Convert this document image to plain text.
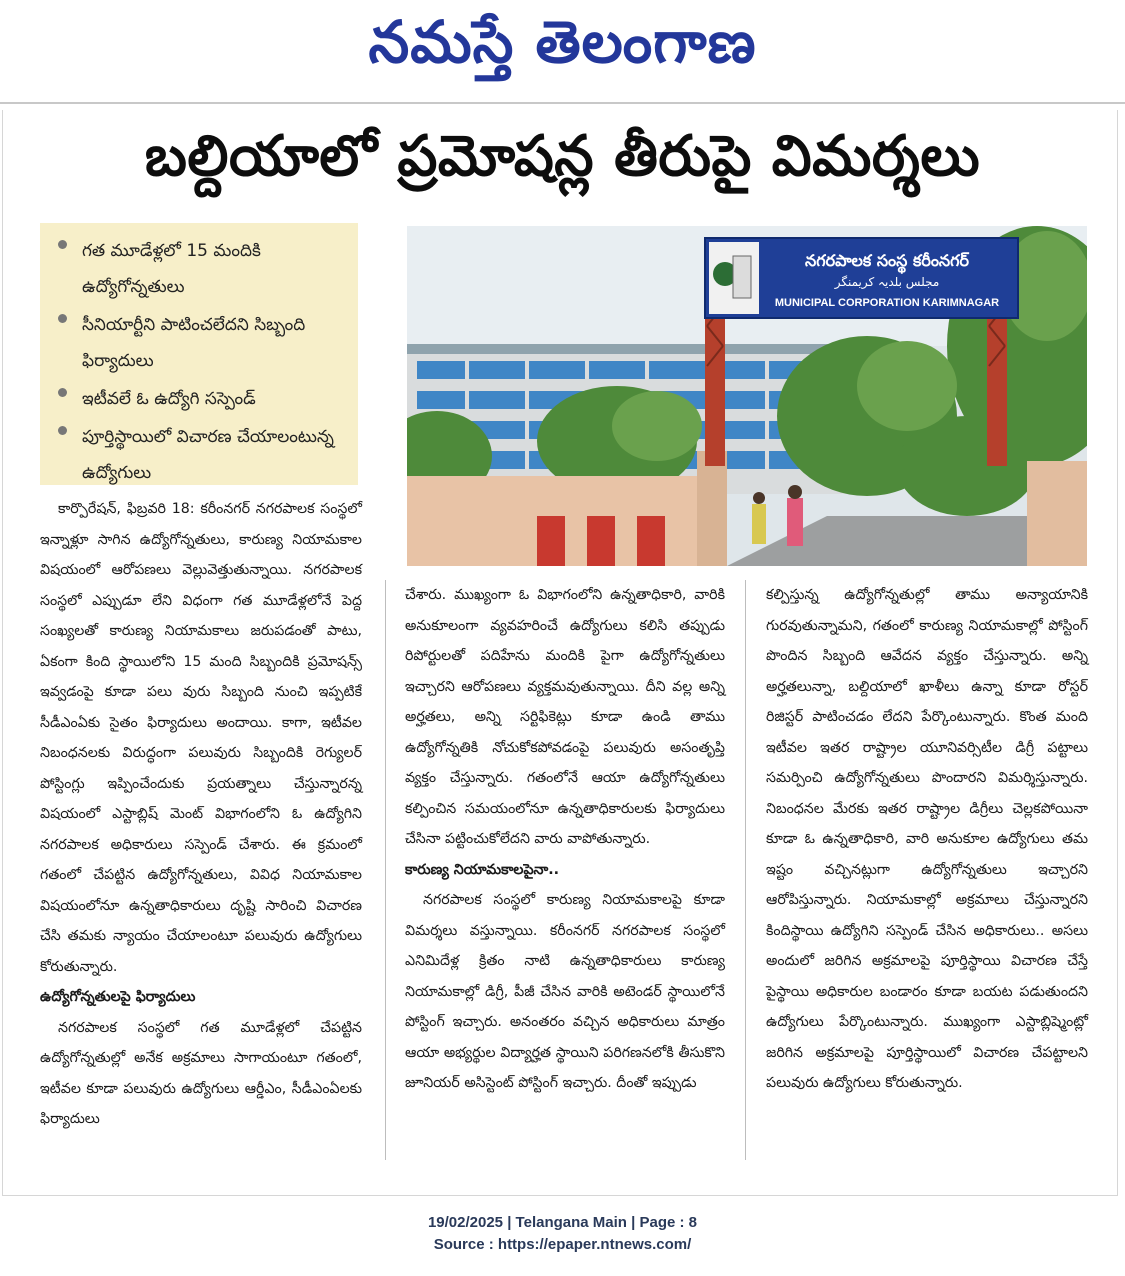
నమస్తే తెలంగాణ
బల్దియాలో ప్రమోషన్ల తీరుపై విమర్శలు
గత మూడేళ్లలో 15 మందికి ఉద్యోగోన్నతులు
సీనియార్టీని పాటించలేదని సిబ్బంది ఫిర్యాదులు
ఇటీవలే ఓ ఉద్యోగి సస్పెండ్
పూర్తిస్థాయిలో విచారణ చేయాలంటున్న ఉద్యోగులు
నగరపాలక సంస్థ కరీంనగర్
مجلس بلدیہ کریمنگر
MUNICIPAL CORPORATION KARIMNAGAR

కార్పొరేషన్, ఫిబ్రవరి 18: కరీంనగర్ నగరపాలక సంస్థలో ఇన్నాళ్లూ సాగిన ఉద్యోగోన్నతులు, కారుణ్య నియామకాల విషయంలో ఆరోపణలు వెల్లువెత్తుతున్నాయి. నగరపాలక సంస్థలో ఎప్పుడూ లేని విధంగా గత మూడేళ్లలోనే పెద్ద సంఖ్యలతో కారుణ్య నియామకాలు జరుపడంతో పాటు, ఏకంగా కింది స్థాయిలోని 15 మంది సిబ్బందికి ప్రమోషన్స్ ఇవ్వడంపై కూడా పలు వురు సిబ్బంది నుంచి ఇప్పటికే సీడీఎంఏకు సైతం ఫిర్యాదులు అందాయి. కాగా, ఇటీవల నిబంధనలకు విరుద్ధంగా పలువురు సిబ్బందికి రెగ్యులర్ పోస్టింగ్లు ఇప్పించేందుకు ప్రయత్నాలు చేస్తున్నారన్న విషయంలో ఎస్టాబ్లిష్ మెంట్ విభాగంలోని ఓ ఉద్యోగిని నగరపాలక అధికారులు సస్పెండ్ చేశారు. ఈ క్రమంలో గతంలో చేపట్టిన ఉద్యోగోన్నతులు, వివిధ నియామకాల విషయంలోనూ ఉన్నతాధికారులు దృష్టి సారించి విచారణ చేసి తమకు న్యాయం చేయాలంటూ పలువురు ఉద్యోగులు కోరుతున్నారు.

ఉద్యోగోన్నతులపై ఫిర్యాదులు

నగరపాలక సంస్థలో గత మూడేళ్లలో చేపట్టిన ఉద్యోగోన్నతుల్లో అనేక అక్రమాలు సాగాయంటూ గతంలో, ఇటీవల కూడా పలువురు ఉద్యోగులు ఆర్డీఎం, సీడీఎంఏలకు ఫిర్యాదులు

చేశారు. ముఖ్యంగా ఓ విభాగంలోని ఉన్నతాధికారి, వారికి అనుకూలంగా వ్యవహరించే ఉద్యోగులు కలిసి తప్పుడు రిపోర్టులతో పదిహేను మందికి పైగా ఉద్యోగోన్నతులు ఇచ్చారని ఆరోపణలు వ్యక్తమవుతున్నాయి. దీని వల్ల అన్ని అర్హతలు, అన్ని సర్టిఫికెట్లు కూడా ఉండి తాము ఉద్యోగోన్నతికి నోచుకోకపోవడంపై పలువురు అసంతృప్తి వ్యక్తం చేస్తున్నారు. గతంలోనే ఆయా ఉద్యోగోన్నతులు కల్పించిన సమయంలోనూ ఉన్నతాధికారులకు ఫిర్యాదులు చేసినా పట్టించుకోలేదని వారు వాపోతున్నారు.

కారుణ్య నియామకాలపైనా..

నగరపాలక సంస్థలో కారుణ్య నియామకాలపై కూడా విమర్శలు వస్తున్నాయి. కరీంనగర్ నగరపాలక సంస్థలో ఎనిమిదేళ్ల క్రితం నాటి ఉన్నతాధికారులు కారుణ్య నియామకాల్లో డిగ్రీ, పీజీ చేసిన వారికి అటెండర్ స్థాయిలోనే పోస్టింగ్ ఇచ్చారు. అనంతరం వచ్చిన అధికారులు మాత్రం ఆయా అభ్యర్థుల విద్యార్హత స్థాయిని పరిగణనలోకి తీసుకొని జూనియర్ అసిస్టెంట్ పోస్టింగ్ ఇచ్చారు. దీంతో ఇప్పుడు

కల్పిస్తున్న ఉద్యోగోన్నతుల్లో తాము అన్యాయానికి గురవుతున్నామని, గతంలో కారుణ్య నియామకాల్లో పోస్టింగ్ పొందిన సిబ్బంది ఆవేదన వ్యక్తం చేస్తున్నారు. అన్ని అర్హతలున్నా, బల్దియాలో ఖాళీలు ఉన్నా కూడా రోస్టర్ రిజిస్టర్ పాటించడం లేదని పేర్కొంటున్నారు. కొంత మంది ఇటీవల ఇతర రాష్ట్రాల యూనివర్సిటీల డిగ్రీ పట్టాలు సమర్పించి ఉద్యోగోన్నతులు పొందారని విమర్శిస్తున్నారు. నిబంధనల మేరకు ఇతర రాష్ట్రాల డిగ్రీలు చెల్లకపోయినా కూడా ఓ ఉన్నతాధికారి, వారి అనుకూల ఉద్యోగులు తమ ఇష్టం వచ్చినట్లుగా ఉద్యోగోన్నతులు ఇచ్చారని ఆరోపిస్తున్నారు. నియామకాల్లో అక్రమాలు చేస్తున్నారని కిందిస్థాయి ఉద్యోగిని సస్పెండ్ చేసిన అధికారులు.. అసలు అందులో జరిగిన అక్రమాలపై పూర్తిస్థాయి విచారణ చేస్తే పైస్థాయి అధికారుల బండారం కూడా బయట పడుతుందని ఉద్యోగులు పేర్కొంటున్నారు. ముఖ్యంగా ఎస్టాబ్లిష్మెంట్లో జరిగిన అక్రమాలపై పూర్తిస్థాయిలో విచారణ చేపట్టాలని పలువురు ఉద్యోగులు కోరుతున్నారు.

19/02/2025 | Telangana Main | Page : 8
Source : https://epaper.ntnews.com/
